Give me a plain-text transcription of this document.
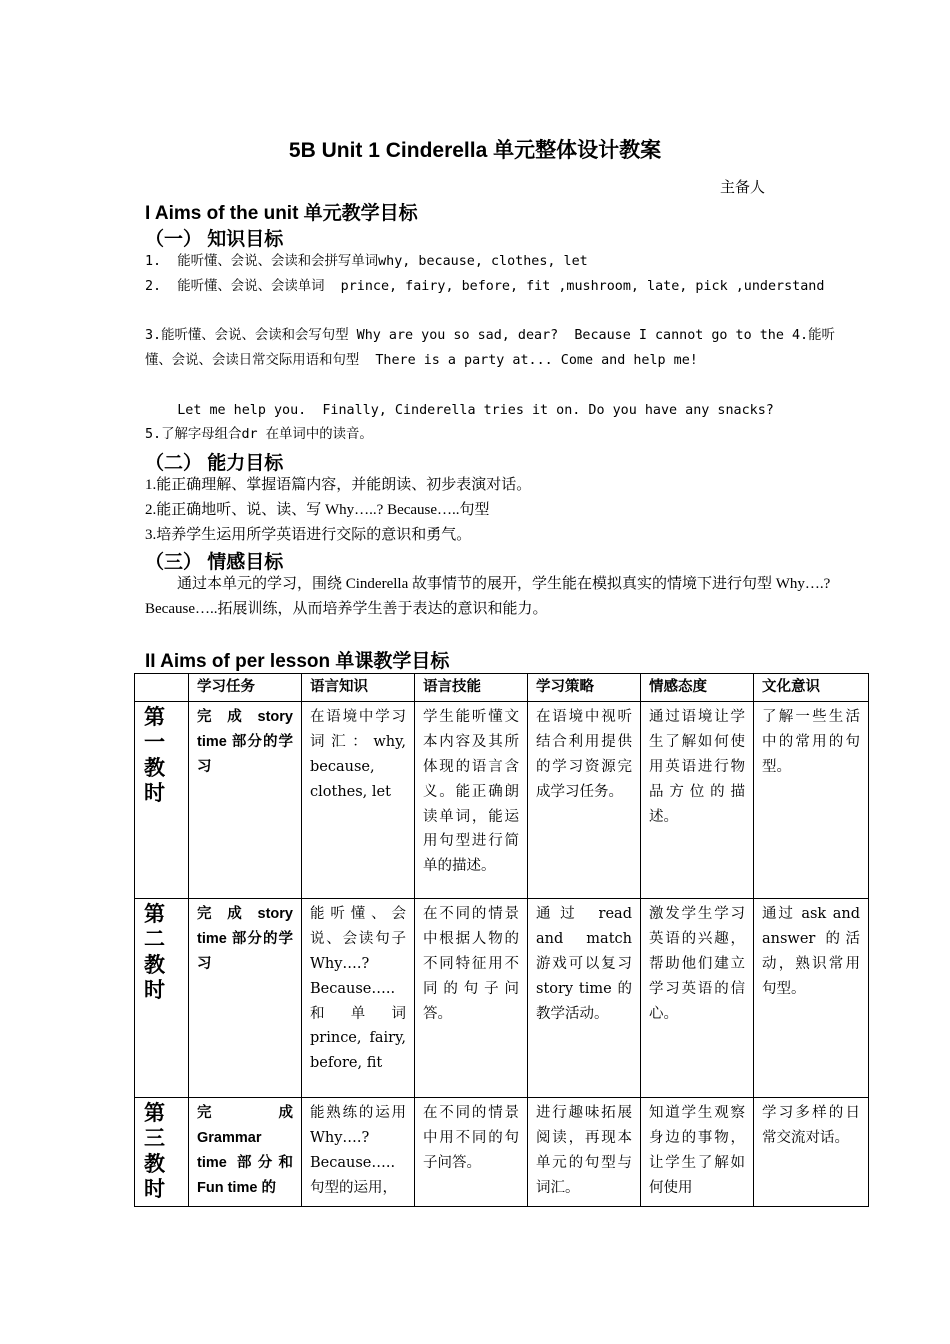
5B Unit 1 Cinderella 单元整体设计教案
主备人
I Aims of the unit 单元教学目标
（一） 知识目标
1.  能听懂、会说、会读和会拼写单词why, because, clothes, let
2.  能听懂、会说、会读单词  prince, fairy, before, fit ,mushroom, late, pick ,understand
3.能听懂、会说、会读和会写句型 Why are you so sad, dear?  Because I cannot go to the 4.能听懂、会说、会读日常交际用语和句型  There is a party at... Come and help me!
Let me help you.  Finally, Cinderella tries it on. Do you have any snacks?
5.了解字母组合dr 在单词中的读音。
（二） 能力目标
1.能正确理解、掌握语篇内容，并能朗读、初步表演对话。
2.能正确地听、说、读、写 Why…..? Because…..句型
3.培养学生运用所学英语进行交际的意识和勇气。
（三） 情感目标
通过本单元的学习，围绕 Cinderella 故事情节的展开，学生能在模拟真实的情境下进行句型 Why….?Because…..拓展训练，从而培养学生善于表达的意识和能力。
II Aims of per lesson 单课教学目标
	学习任务	语言知识	语言技能	学习策略	情感态度	文化意识
第一教时	完 成 story time 部分的学习	在语境中学习词汇：why, because, clothes, let	学生能听懂文本内容及其所体现的语言含义。能正确朗读单词，能运用句型进行简单的描述。	在语境中视听结合利用提供的学习资源完成学习任务。	通过语境让学生了解如何使用英语进行物品方位的描述。	了解一些生活中的常用的句型。
第二教时	完 成 story time 部分的学习	能听懂、会说、会读句子 Why….? Because….. 和 单 词 prince, fairy, before, fit	在不同的情景中根据人物的不同特征用不同的句子问答。	通过 read and match 游戏可以复习 story time 的教学活动。	激发学生学习英语的兴趣，帮助他们建立学习英语的信心。	通过 ask and answer 的活动，熟识常用句型。
第三教时	完 成 Grammar time 部分和 Fun time 的	能熟练的运用 Why….? Because….. 句型的运用，	在不同的情景中用不同的句子问答。	进行趣味拓展阅读，再现本单元的句型与词汇。	知道学生观察身边的事物，让学生了解如何使用	学习多样的日常交流对话。
